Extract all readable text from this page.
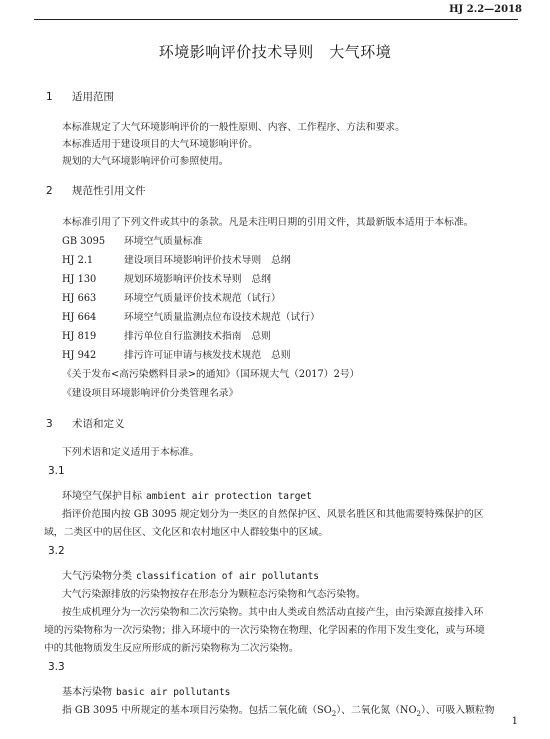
HJ 2.2—2018
环境影响评价技术导则　大气环境
1 适用范围
本标准规定了大气环境影响评价的一般性原则、内容、工作程序、方法和要求。
本标准适用于建设项目的大气环境影响评价。
规划的大气环境影响评价可参照使用。
2 规范性引用文件
本标准引用了下列文件或其中的条款。凡是未注明日期的引用文件，其最新版本适用于本标准。
GB 3095 环境空气质量标准
HJ 2.1	建设项目环境影响评价技术导则　总纲
HJ 130	规划环境影响评价技术导则　总纲
HJ 663	环境空气质量评价技术规范（试行）
HJ 664	环境空气质量监测点位布设技术规范（试行）
HJ 819	排污单位自行监测技术指南　总则
HJ 942	排污许可证申请与核发技术规范　总则
《关于发布<高污染燃料目录>的通知》（国环规大气（2017）2号）
《建设项目环境影响评价分类管理名录》
3 术语和定义
下列术语和定义适用于本标准。
3.1
环境空气保护目标 ambient air protection target
指评价范围内按 GB 3095 规定划分为一类区的自然保护区、风景名胜区和其他需要特殊保护的区
域，二类区中的居住区、文化区和农村地区中人群较集中的区域。
3.2
大气污染物分类 classification of air pollutants
大气污染源排放的污染物按存在形态分为颗粒态污染物和气态污染物。
按生成机理分为一次污染物和二次污染物。其中由人类或自然活动直接产生，由污染源直接排入环
境的污染物称为一次污染物；排入环境中的一次污染物在物理、化学因素的作用下发生变化，或与环境
中的其他物质发生反应所形成的新污染物称为二次污染物。
3.3
基本污染物 basic air pollutants
指 GB 3095 中所规定的基本项目污染物。包括二氧化硫$(SO_2)$、二氧化氮$(NO_2)$、可吸入颗粒物
1
